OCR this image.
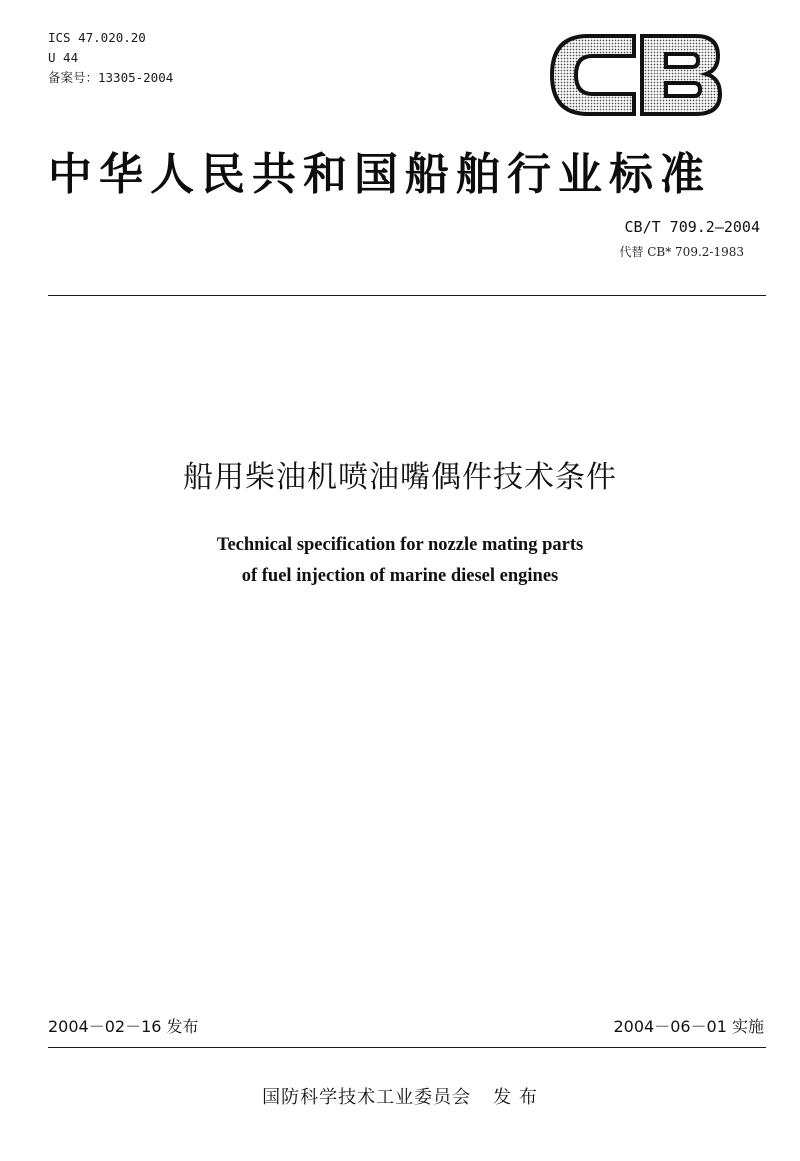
ICS 47.020.20
U 44
备案号：13305-2004
中华人民共和国船舶行业标准
CB/T 709.2—2004
代替 CB* 709.2-1983
船用柴油机喷油嘴偶件技术条件
Technical specification for nozzle mating parts
of fuel injection of marine diesel engines
2004－02－16 发布	2004－06－01 实施
国防科学技术工业委员会 发 布
